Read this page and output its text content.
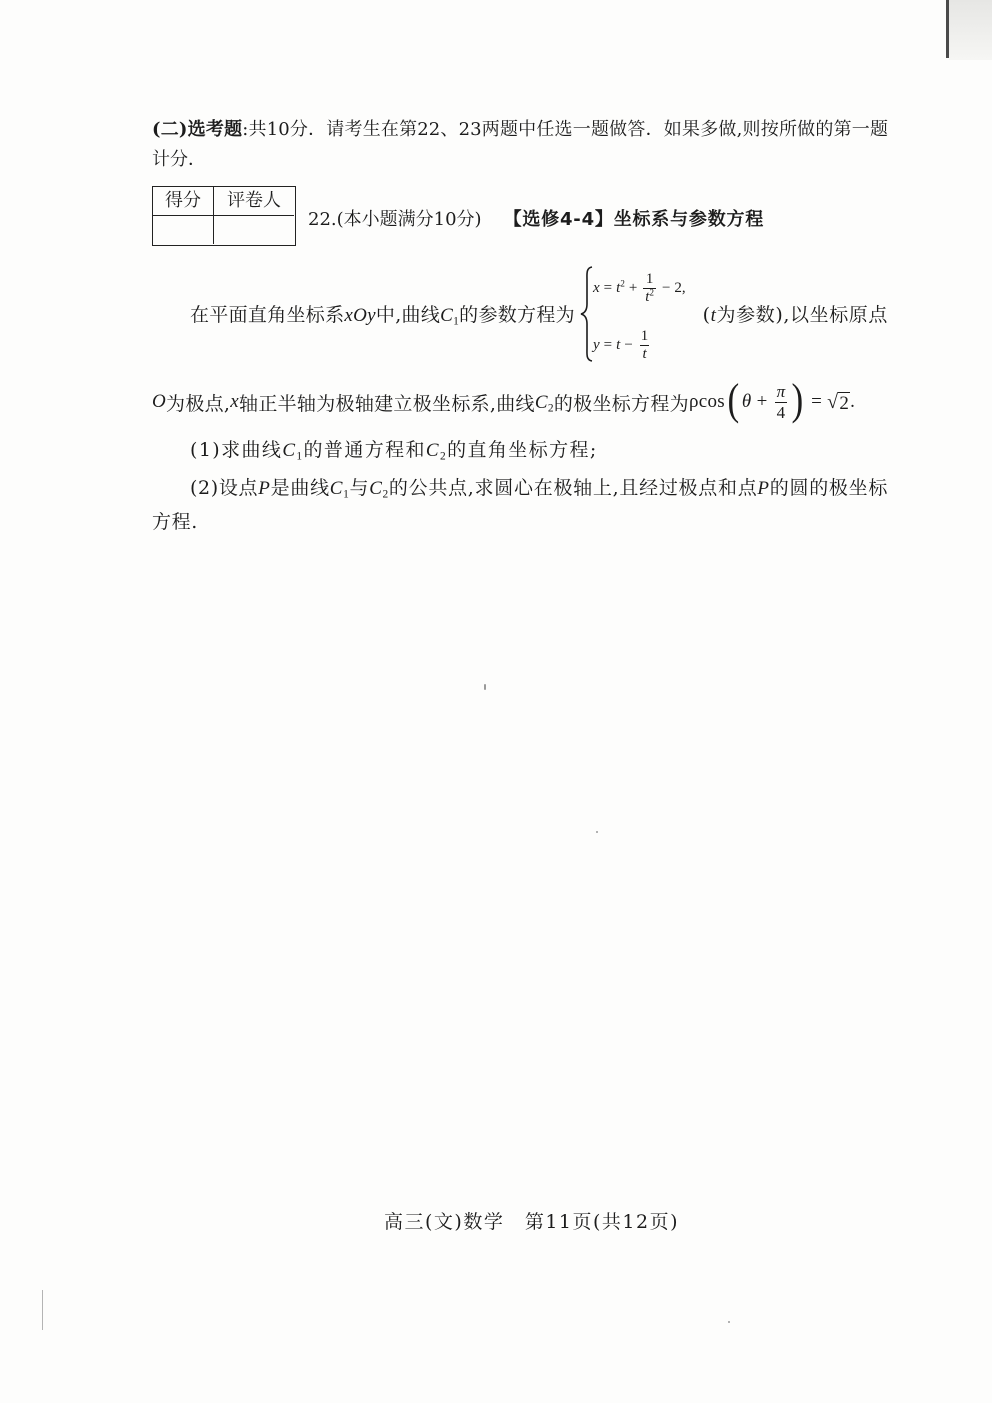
(二)选考题:共10分．请考生在第22、23两题中任选一题做答．如果多做,则按所做的第一题
计分．
得分	评卷人
22.(本小题满分10分) 【选修4-4】坐标系与参数方程
在平面直角坐标系xOy中,曲线$C_1$的参数方程为
$x = t^2 + \frac{1}{t^2} - 2$,
$y = t - \frac{1}{t}$
(t为参数),以坐标原点
O 为极点, x 轴正半轴为极轴建立极坐标系,曲线 $C_2$ 的极坐标方程为 ρcos ( $\theta + \frac{\pi}{4}$ ) = √ 2 .
(1)求曲线$C_1$的普通方程和$C_2$的直角坐标方程;
(2)设点P是曲线$C_1$与$C_2$的公共点,求圆心在极轴上,且经过极点和点P的圆的极坐标
方程.
高三(文)数学　第11页(共12页)
